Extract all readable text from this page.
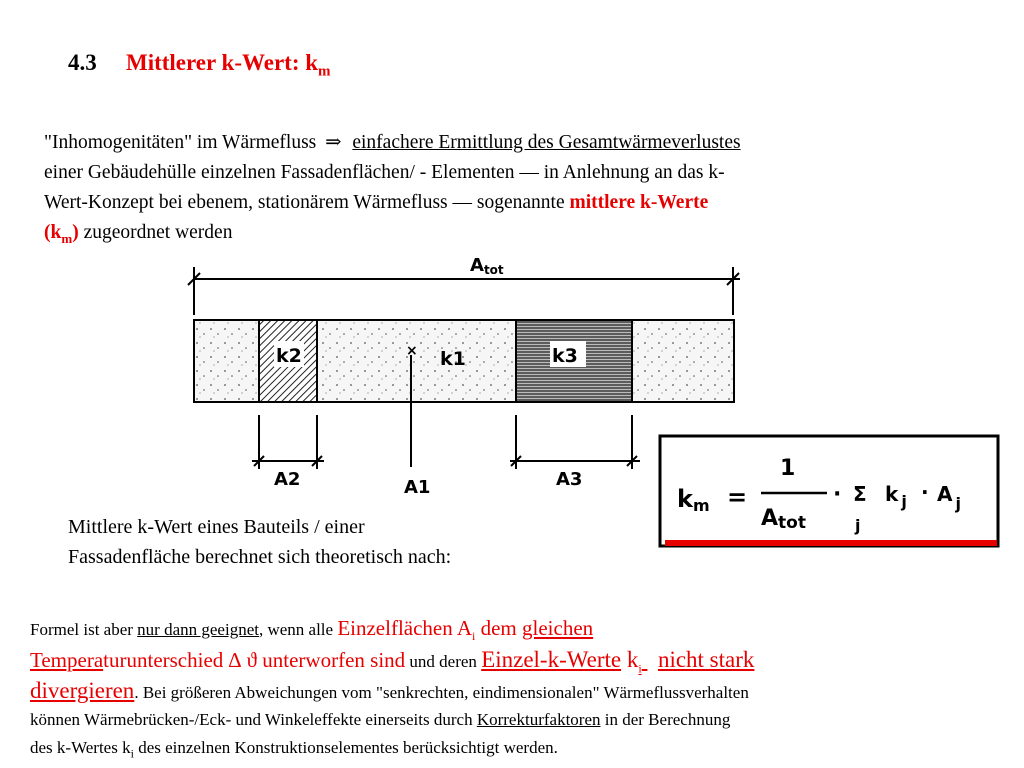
4.3 Mittlerer k-Wert: $k_m$
"Inhomogenitäten" im Wärmefluss ⇒ einfachere Ermittlung des Gesamtwärmeverlustes
einer Gebäudehülle einzelnen Fassadenflächen/ - Elementen — in Anlehnung an das k-
Wert-Konzept bei ebenem, stationärem Wärmefluss — sogenannte mittlere k-Werte
$(k_m)$ zugeordnet werden
Atot
k2	× k1	k3
A1
A2	A3
km =
1
Atot
· Σ
j
k $_j$ · A $_j$
Mittlere k-Wert eines Bauteils / einer
Fassadenfläche berechnet sich theoretisch nach:
Formel ist aber nur dann geeignet, wenn alle Einzelflächen $A_i$ dem gleichen
Temperaturunterschied ∆ ϑ unterworfen sind und deren Einzel-k-Werte $k_i$ nicht stark
divergieren. Bei größeren Abweichungen vom "senkrechten, eindimensionalen" Wärmeflussverhalten
können Wärmebrücken-/Eck- und Winkeleffekte einerseits durch Korrekturfaktoren in der Berechnung
des k-Wertes $k_i$ des einzelnen Konstruktionselementes berücksichtigt werden.
